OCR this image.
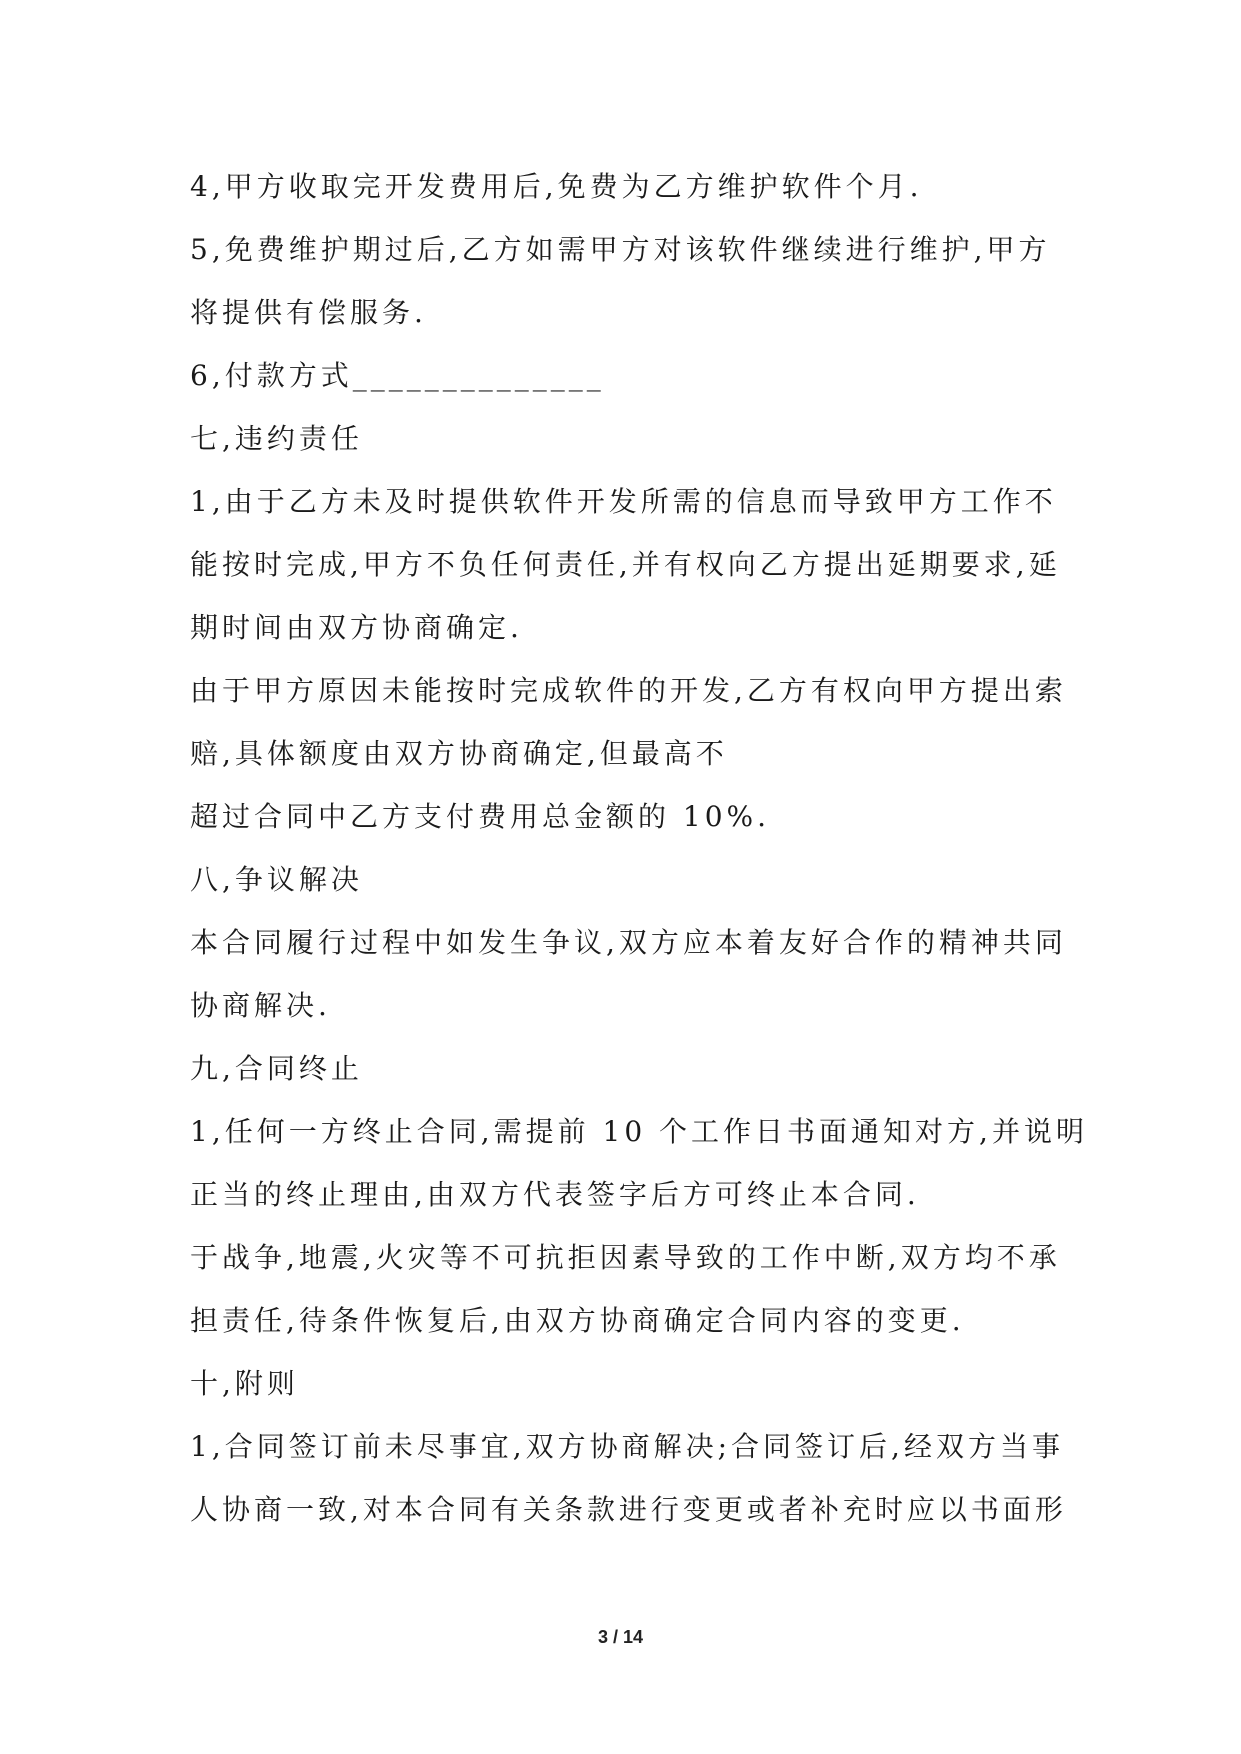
4,甲方收取完开发费用后,免费为乙方维护软件个月.
5,免费维护期过后,乙方如需甲方对该软件继续进行维护,甲方
将提供有偿服务.
6,付款方式______________
七,违约责任
1,由于乙方未及时提供软件开发所需的信息而导致甲方工作不
能按时完成,甲方不负任何责任,并有权向乙方提出延期要求,延
期时间由双方协商确定.
由于甲方原因未能按时完成软件的开发,乙方有权向甲方提出索
赔,具体额度由双方协商确定,但最高不
超过合同中乙方支付费用总金额的 10%.
八,争议解决
本合同履行过程中如发生争议,双方应本着友好合作的精神共同
协商解决.
九,合同终止
1,任何一方终止合同,需提前 10 个工作日书面通知对方,并说明
正当的终止理由,由双方代表签字后方可终止本合同.
于战争,地震,火灾等不可抗拒因素导致的工作中断,双方均不承
担责任,待条件恢复后,由双方协商确定合同内容的变更.
十,附则
1,合同签订前未尽事宜,双方协商解决;合同签订后,经双方当事
人协商一致,对本合同有关条款进行变更或者补充时应以书面形
3 / 14
